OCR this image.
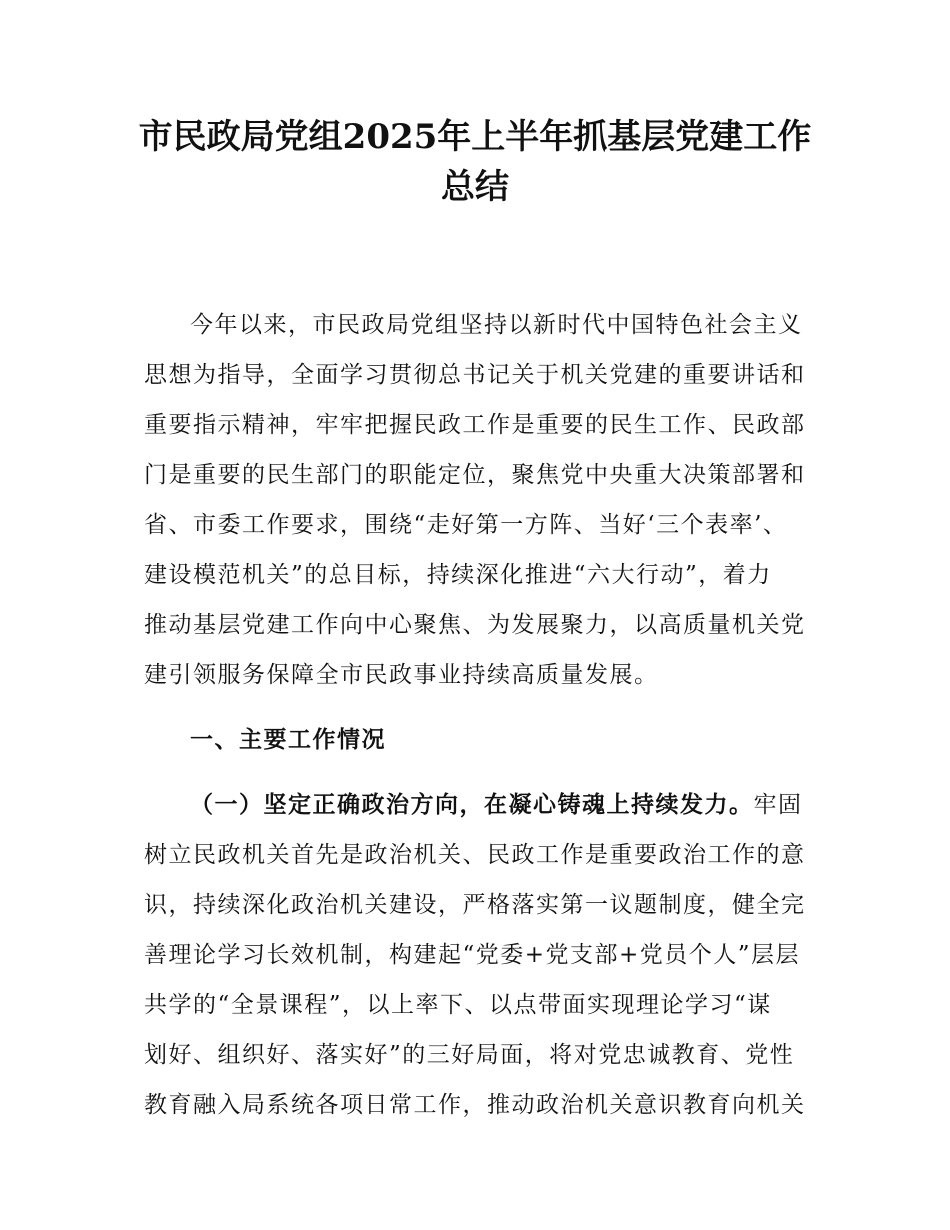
市民政局党组2025年上半年抓基层党建工作
总结
今年以来，市民政局党组坚持以新时代中国特色社会主义
思想为指导，全面学习贯彻总书记关于机关党建的重要讲话和
重要指示精神，牢牢把握民政工作是重要的民生工作、民政部
门是重要的民生部门的职能定位，聚焦党中央重大决策部署和
省、市委工作要求，围绕“走好第一方阵、当好‘三个表率’、
建设模范机关”的总目标，持续深化推进“六大行动”，着力
推动基层党建工作向中心聚焦、为发展聚力，以高质量机关党
建引领服务保障全市民政事业持续高质量发展。
一、主要工作情况
（一）坚定正确政治方向，在凝心铸魂上持续发力。牢固
树立民政机关首先是政治机关、民政工作是重要政治工作的意
识，持续深化政治机关建设，严格落实第一议题制度，健全完
善理论学习长效机制，构建起“党委+党支部+党员个人”层层
共学的“全景课程”，以上率下、以点带面实现理论学习“谋
划好、组织好、落实好”的三好局面，将对党忠诚教育、党性
教育融入局系统各项日常工作，推动政治机关意识教育向机关
